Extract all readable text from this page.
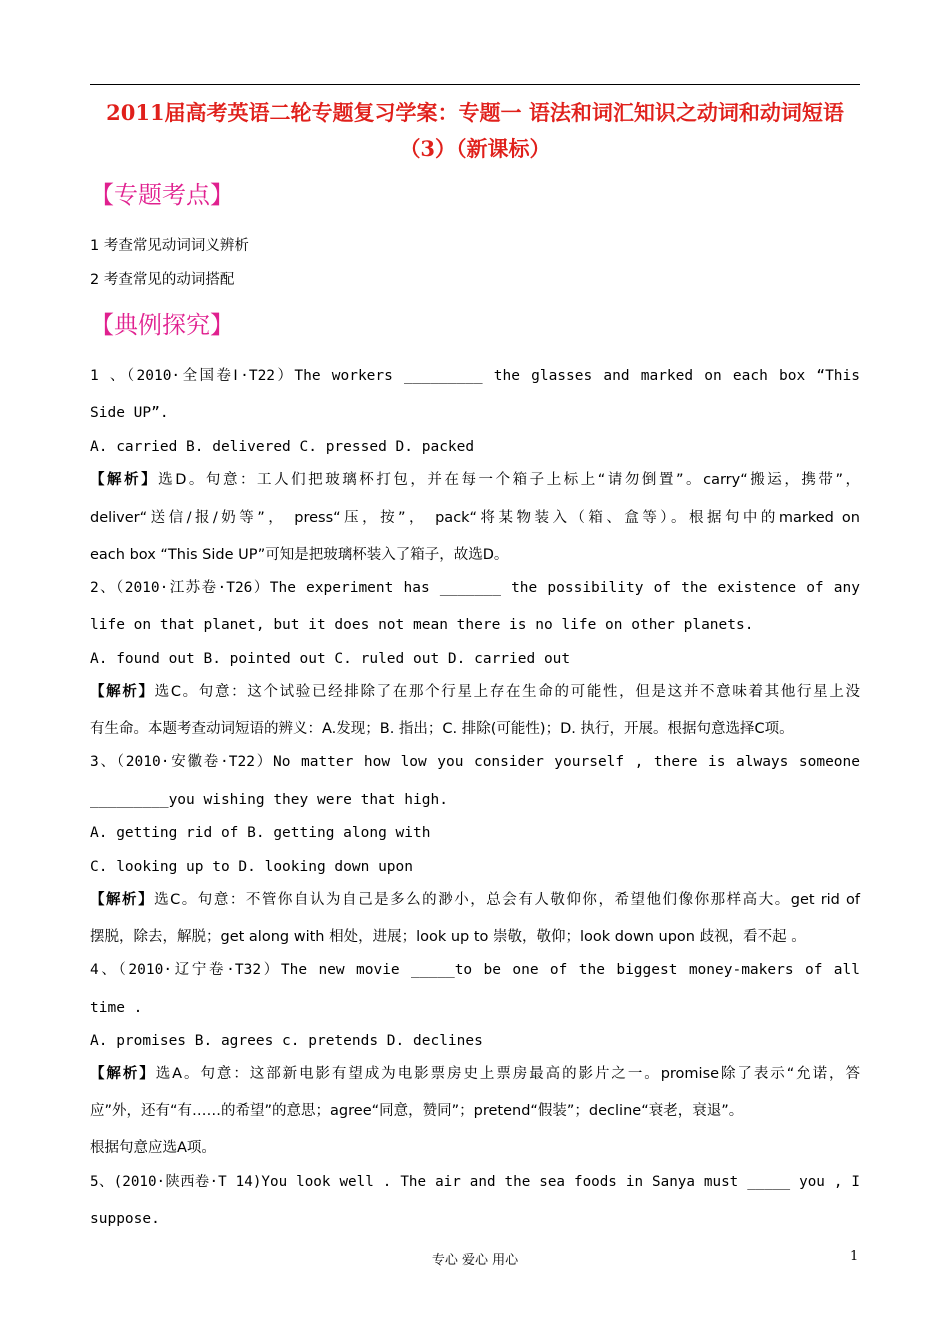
2011届高考英语二轮专题复习学案：专题一 语法和词汇知识之动词和动词短语
（3）（新课标）
【专题考点】
1 考查常见动词词义辨析
2 考查常见的动词搭配
【典例探究】
1 、（2010·全国卷Ⅰ·T22）The workers _________ the glasses and marked on each box “This
Side UP”.
A. carried B. delivered C. pressed D. packed
【解析】选D。句意：工人们把玻璃杯打包，并在每一个箱子上标上“请勿倒置”。carry“搬运，携带”，
deliver“送信/报/奶等”， press“压，按”， pack“将某物装入（箱、盒等）。根据句中的marked on
each box “This Side UP”可知是把玻璃杯装入了箱子，故选D。
2、（2010·江苏卷·T26）The experiment has _______ the possibility of the existence of any
life on that planet, but it does not mean there is no life on other planets.
A. found out B. pointed out C. ruled out D. carried out
【解析】选C。句意：这个试验已经排除了在那个行星上存在生命的可能性，但是这并不意味着其他行星上没
有生命。本题考查动词短语的辨义：A.发现；B. 指出；C. 排除(可能性)；D. 执行，开展。根据句意选择C项。
3、（2010·安徽卷·T22）No matter how low you consider yourself , there is always someone
_________you wishing they were that high.
A. getting rid of B. getting along with
C. looking up to D. looking down upon
【解析】选C。句意：不管你自认为自己是多么的渺小，总会有人敬仰你，希望他们像你那样高大。get rid of
摆脱，除去，解脱；get along with 相处，进展；look up to 崇敬，敬仰；look down upon 歧视，看不起 。
4、（2010·辽宁卷·T32）The new movie _____to be one of the biggest money-makers of all
time .
A. promises B. agrees c. pretends D. declines
【解析】选A。句意：这部新电影有望成为电影票房史上票房最高的影片之一。promise除了表示“允诺，答
应”外，还有“有……的希望”的意思；agree“同意，赞同”；pretend“假装”；decline“衰老，衰退”。
根据句意应选A项。
5、(2010·陕西卷·T 14)You look well . The air and the sea foods in Sanya must _____ you , I
suppose.
专心 爱心 用心	1
